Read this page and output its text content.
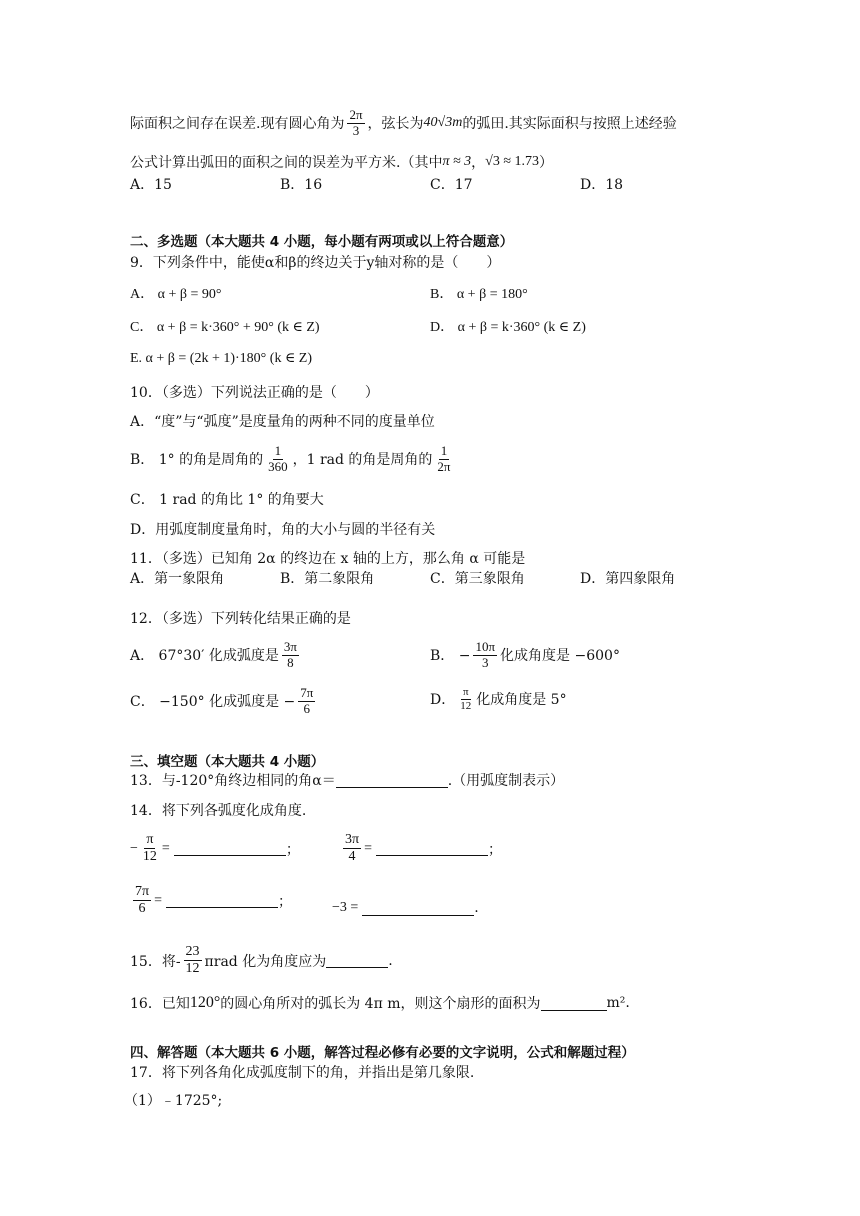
际面积之间存在误差.现有圆心角为 $\frac{2\pi}{3}$ ，弦长为 40√3m 的弧田.其实际面积与按照上述经验
公式计算出弧田的面积之间的误差为平方米.（其中 π ≈ 3 ， √3 ≈ 1.73 ）
A．15	B．16	C．17	D．18
二、多选题（本大题共 4 小题，每小题有两项或以上符合题意）
9．下列条件中，能使α和β的终边关于y轴对称的是（　　）
A． α + β = 90°	B． α + β = 180°
C． α + β = k·360° + 90° (k ∈ Z)	D． α + β = k·360° (k ∈ Z)
E. α + β = (2k + 1)·180° (k ∈ Z)
10．（多选）下列说法正确的是（　　）
A．“度”与“弧度”是度量角的两种不同的度量单位
B． 1° 的角是周角的 $\frac{1}{360}$ ，1 rad 的角是周角的 $\frac{1}{2\pi}$
C． 1 rad 的角比 1° 的角要大
D．用弧度制度量角时，角的大小与圆的半径有关
11．（多选）已知角 2α 的终边在 x 轴的上方，那么角 α 可能是
A．第一象限角	B．第二象限角	C．第三象限角	D．第四象限角
12．（多选）下列转化结果正确的是
A． 67°30′ 化成弧度是 $\frac{3\pi}{8}$	B． − $\frac{10\pi}{3}$ 化成角度是 −600°
C． −150° 化成弧度是 − $\frac{7\pi}{6}$	D． $\frac{\pi}{12}$ 化成角度是 5°
三、填空题（本大题共 4 小题）
13．与-120°角终边相同的角α＝	.（用弧度制表示）
14．将下列各弧度化成角度.
− $\frac{\pi}{12}$ =	；	$\frac{3\pi}{4}$ =	；
$\frac{7\pi}{6}$ =	；	−3 =	.
15．将- $\frac{23}{12}$ πrad 化为角度应为	.
16．已知 120° 的圆心角所对的弧长为 4π m，则这个扇形的面积为	m².
四、解答题（本大题共 6 小题，解答过程必修有必要的文字说明，公式和解题过程）
17．将下列各角化成弧度制下的角，并指出是第几象限.
（1）﹣1725°;
